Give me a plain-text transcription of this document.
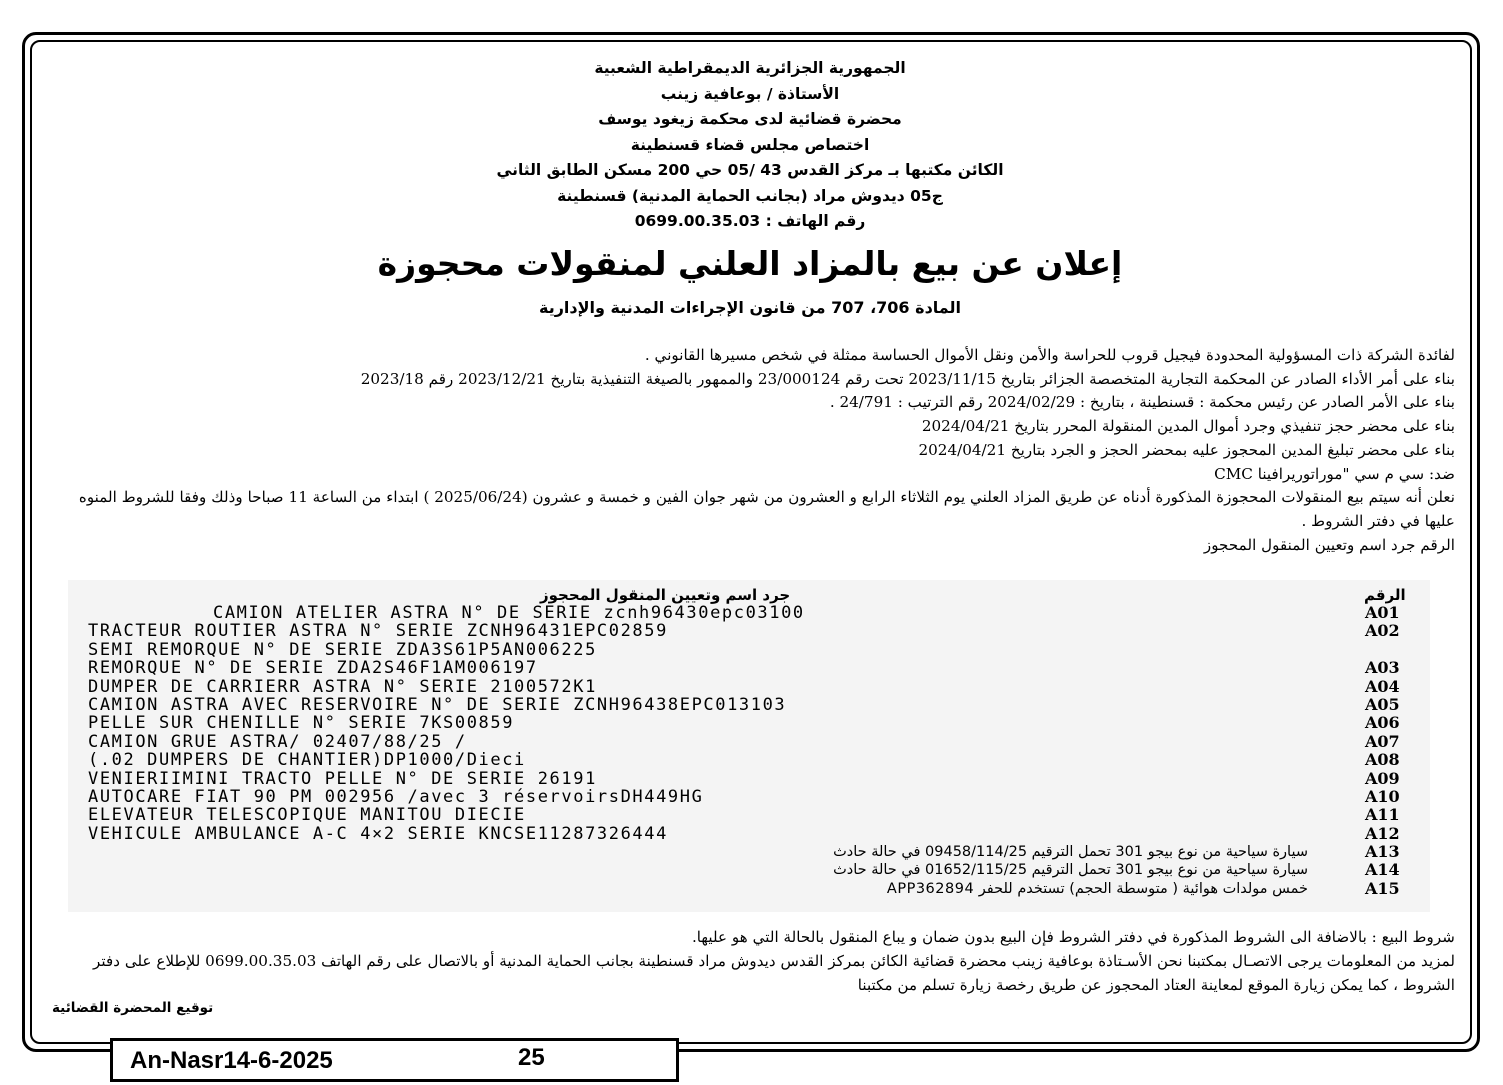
الجمهورية الجزائرية الديمقراطية الشعبية
الأستاذة / بوعافية زينب
محضرة قضائية لدى محكمة زيغود يوسف
اختصاص مجلس قضاء قسنطينة
الكائن مكتبها بـ مركز القدس 43 /05 حي 200 مسكن الطابق الثاني
ج05 ديدوش مراد (بجانب الحماية المدنية) قسنطينة
رقم الهاتف : 0699.00.35.03
إعلان عن بيع بالمزاد العلني لمنقولات محجوزة
المادة 706، 707 من قانون الإجراءات المدنية والإدارية

لفائدة الشركة ذات المسؤولية المحدودة فيجيل قروب للحراسة والأمن ونقل الأموال الحساسة ممثلة في شخص مسيرها القانوني .

بناء على أمر الأداء الصادر عن المحكمة التجارية المتخصصة الجزائر بتاريخ 2023/11/15 تحت رقم 23/000124 والممهور بالصيغة التنفيذية بتاريخ 2023/12/21 رقم 2023/18

بناء على الأمر الصادر عن رئيس محكمة : قسنطينة ، بتاريخ : 2024/02/29 رقم الترتيب : 24/791 .

بناء على محضر حجز تنفيذي وجرد أموال المدين المنقولة المحرر بتاريخ 2024/04/21

بناء على محضر تبليغ المدين المحجوز عليه بمحضر الحجز و الجرد بتاريخ 2024/04/21

ضد: سي م سي "موراتوريرافينا CMC

نعلن أنه سيتم بيع المنقولات المحجوزة المذكورة أدناه عن طريق المزاد العلني يوم الثلاثاء الرابع و العشرون من شهر جوان الفين و خمسة و عشرون (2025/06/24 ) ابتداء من الساعة 11 صباحا وذلك وفقا للشروط المنوه عليها في دفتر الشروط .

الرقم جرد اسم وتعيين المنقول المحجوز

جرد اسم وتعيين المنقول المحجوز	الرقم
CAMION ATELIER ASTRA N° DE SERIE zcnh96430epc03100	A01
TRACTEUR ROUTIER ASTRA N° SERIE ZCNH96431EPC02859	A02
SEMI REMORQUE N° DE SERIE ZDA3S61P5AN006225
REMORQUE N° DE SERIE ZDA2S46F1AM006197	A03
DUMPER DE CARRIERR ASTRA N° SERIE 2100572K1	A04
CAMION ASTRA AVEC RESERVOIRE N° DE SERIE ZCNH96438EPC013103	A05
PELLE SUR CHENILLE N° SERIE 7KS00859	A06
CAMION GRUE ASTRA/ 02407/88/25 /	A07
(.02 DUMPERS DE CHANTIER)DP1000/Dieci	A08
VENIERIIMINI TRACTO PELLE N° DE SERIE 26191	A09
AUTOCARE FIAT 90 PM 002956 /avec 3 réservoirsDH449HG	A10
ELEVATEUR TELESCOPIQUE MANITOU DIECIE	A11
VEHICULE AMBULANCE A-C 4×2 SERIE KNCSE11287326444	A12
سيارة سياحية من نوع بيجو 301 تحمل الترقيم 09458/114/25 في حالة حادث	A13
سيارة سياحية من نوع بيجو 301 تحمل الترقيم 01652/115/25 في حالة حادث	A14
خمس مولدات هوائية ( متوسطة الحجم) تستخدم للحفر APP362894	A15

شروط البيع : بالاضافة الى الشروط المذكورة في دفتر الشروط فإن البيع بدون ضمان و يباع المنقول بالحالة التي هو عليها.

لمزيد من المعلومات يرجى الاتصـال بمكتبنا نحن الأسـتاذة بوعافية زينب محضرة قضائية الكائن بمركز القدس ديدوش مراد قسنطينة بجانب الحماية المدنية أو بالاتصال على رقم الهاتف 0699.00.35.03 للإطلاع على دفتر الشروط ، كما يمكن زيارة الموقع لمعاينة العتاد المحجوز عن طريق رخصة زيارة تسلم من مكتبنا

توقيع المحضرة القضائية
An-Nasr14-6-2025	25
